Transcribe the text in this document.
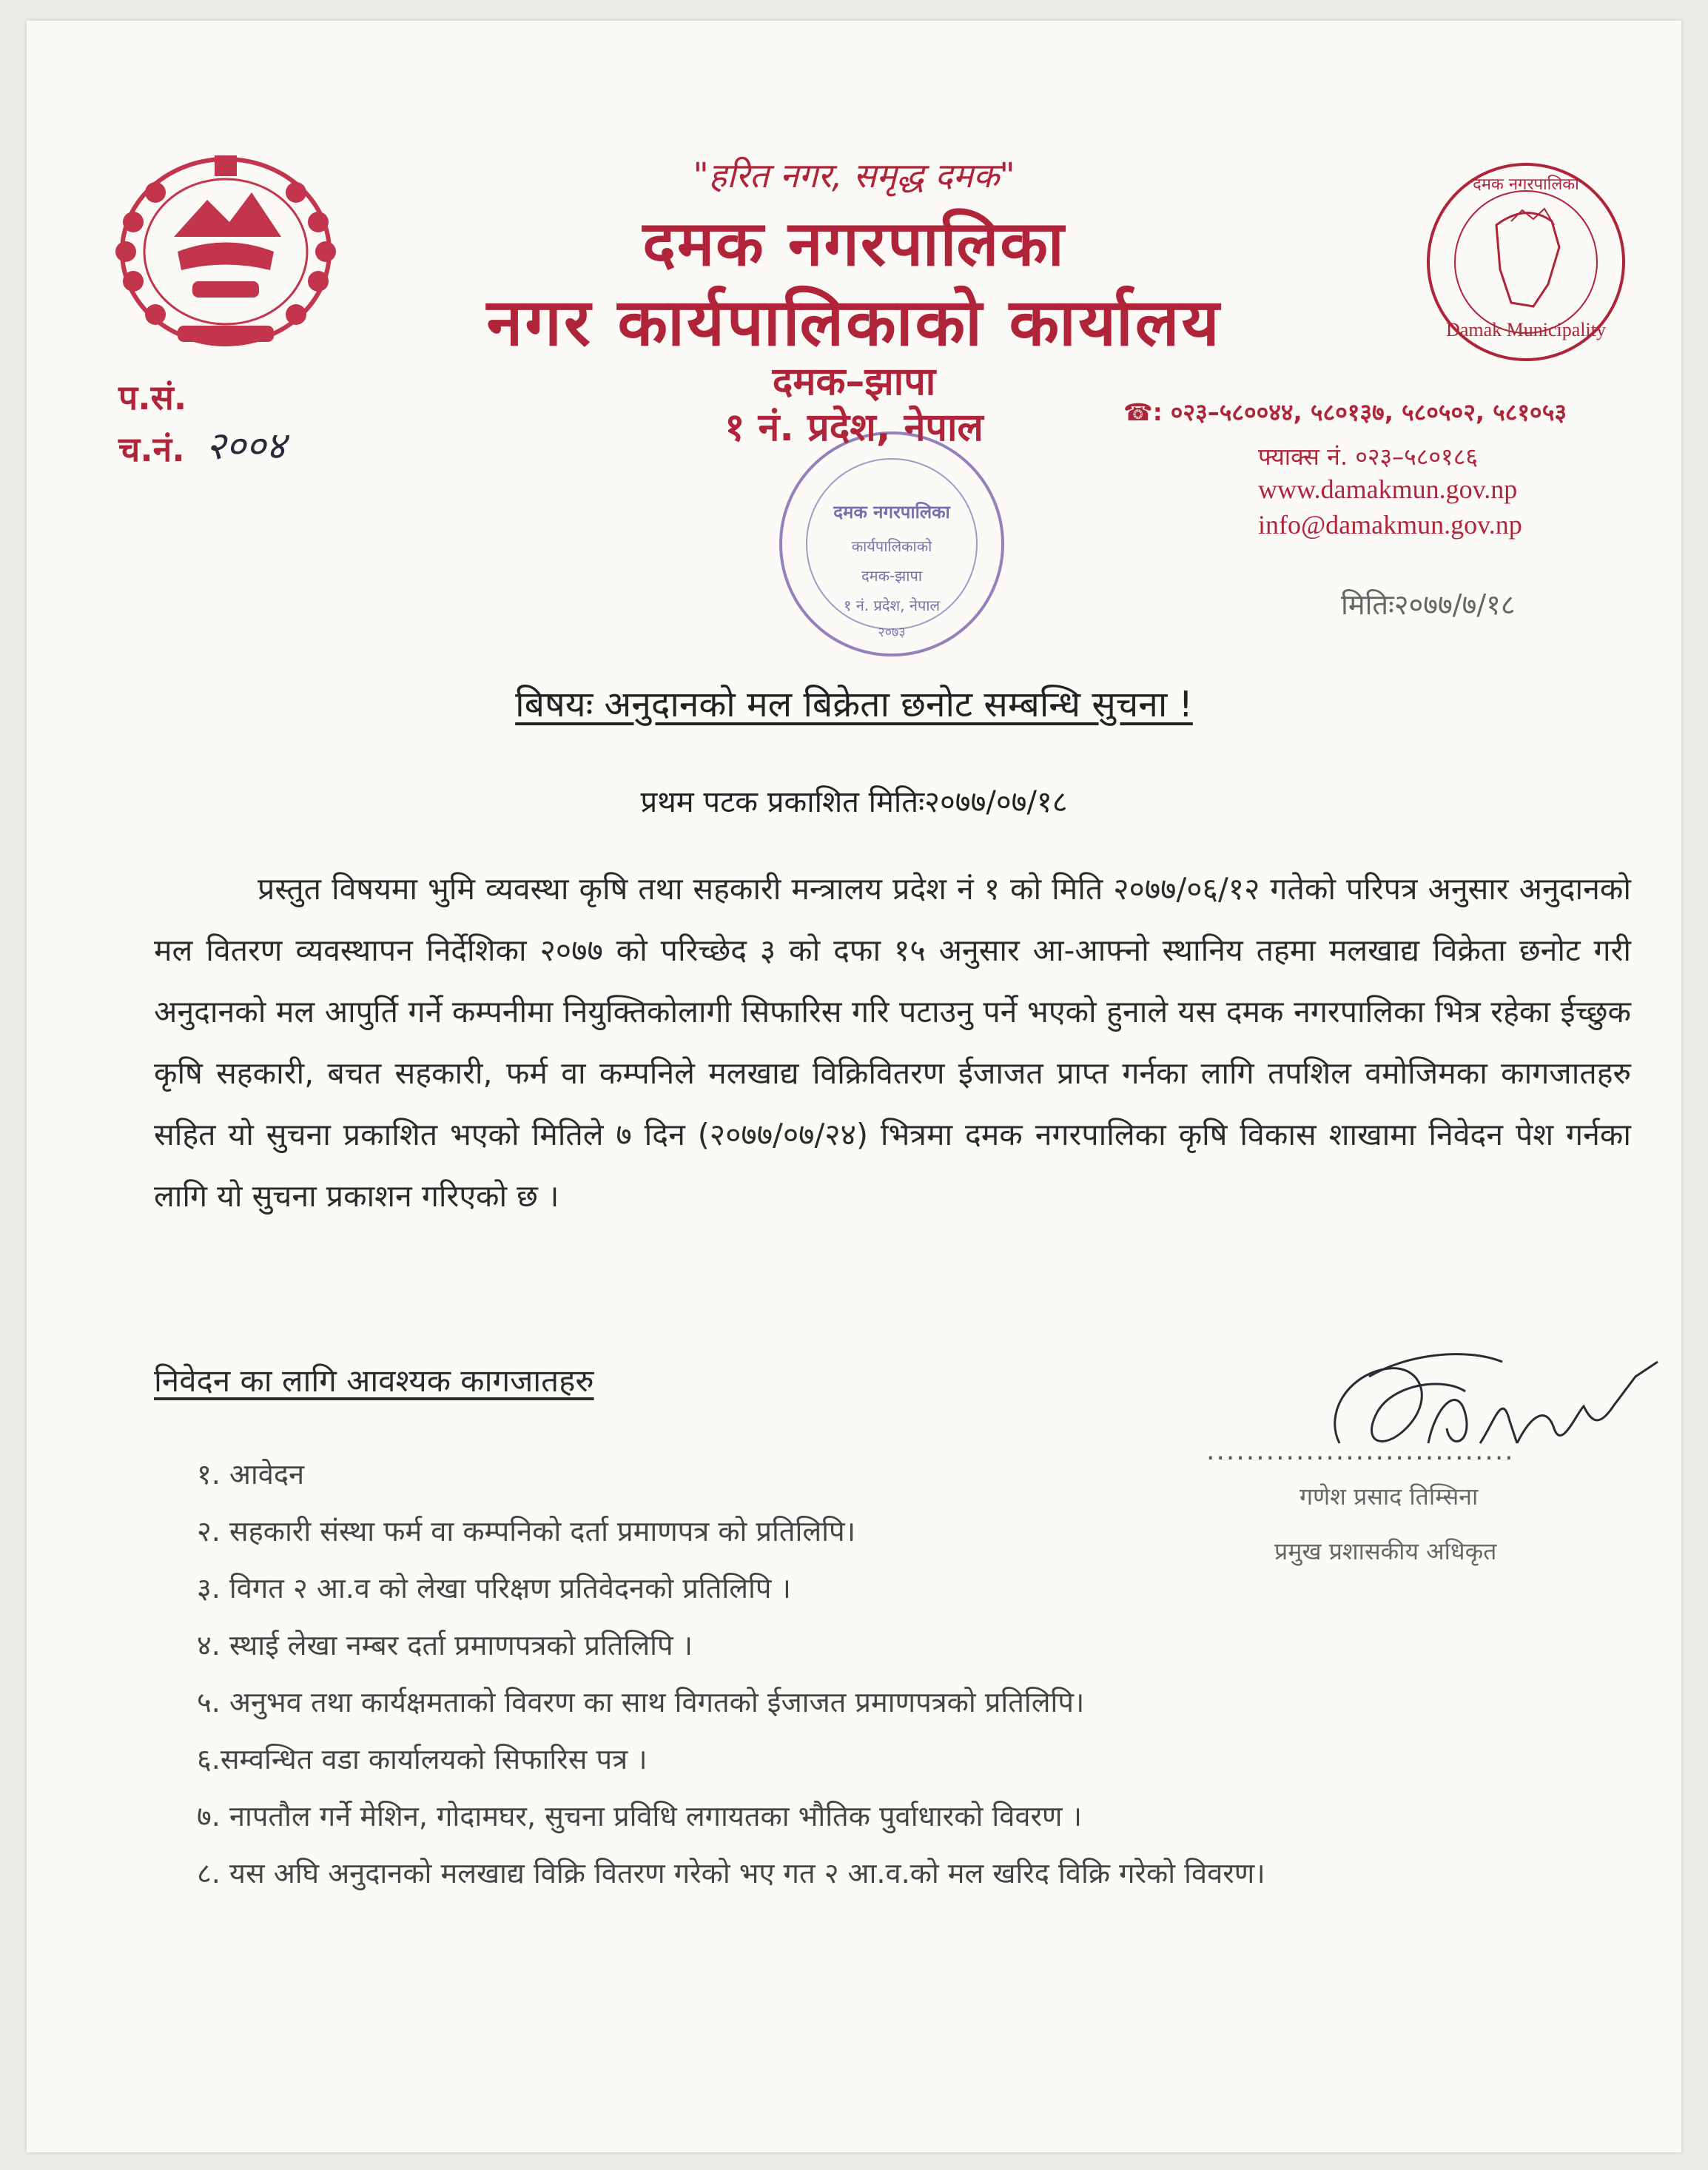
Damak Municipality
दमक नगरपालिका
दमक नगरपालिका
कार्यपालिकाको
दमक-झापा
१ नं. प्रदेश, नेपाल
२०७३
"हरित नगर, समृद्ध दमक"
दमक नगरपालिका
नगर कार्यपालिकाको कार्यालय
दमक–झापा
१ नं. प्रदेश, नेपाल
प.सं.
च.नं. २००४
☎: ०२३–५८००४४, ५८०१३७, ५८०५०२, ५८१०५३
फ्याक्स नं. ०२३–५८०१८६
www.damakmun.gov.np
info@damakmun.gov.np
मितिः२०७७/७/१८
बिषयः अनुदानको मल बिक्रेता छनोट सम्बन्धि सुचना !
प्रथम पटक प्रकाशित मितिः२०७७/०७/१८
प्रस्तुत विषयमा भुमि व्यवस्था कृषि तथा सहकारी मन्त्रालय प्रदेश नं १ को मिति २०७७/०६/१२ गतेको परिपत्र अनुसार अनुदानको मल वितरण व्यवस्थापन निर्देशिका २०७७ को परिच्छेद ३ को दफा १५ अनुसार आ-आफ्नो स्थानिय तहमा मलखाद्य विक्रेता छनोट गरी अनुदानको मल आपुर्ति गर्ने कम्पनीमा नियुक्तिकोलागी सिफारिस गरि पटाउनु पर्ने भएको हुनाले यस दमक नगरपालिका भित्र रहेका ईच्छुक कृषि सहकारी, बचत सहकारी, फर्म वा कम्पनिले मलखाद्य विक्रिवितरण ईजाजत प्राप्त गर्नका लागि तपशिल वमोजिमका कागजातहरु सहित यो सुचना प्रकाशित भएको मितिले ७ दिन (२०७७/०७/२४) भित्रमा दमक नगरपालिका कृषि विकास शाखामा निवेदन पेश गर्नका लागि यो सुचना प्रकाशन गरिएको छ ।
निवेदन का लागि आवश्यक कागजातहरु
१. आवेदन
२. सहकारी संस्था फर्म वा कम्पनिको दर्ता प्रमाणपत्र को प्रतिलिपि।
३. विगत २ आ.व को लेखा परिक्षण प्रतिवेदनको प्रतिलिपि ।
४. स्थाई लेखा नम्बर दर्ता प्रमाणपत्रको प्रतिलिपि ।
५. अनुभव तथा कार्यक्षमताको विवरण का साथ विगतको ईजाजत प्रमाणपत्रको प्रतिलिपि।
६.सम्वन्धित वडा कार्यालयको सिफारिस पत्र ।
७. नापतौल गर्ने मेशिन, गोदामघर, सुचना प्रविधि लगायतका भौतिक पुर्वाधारको विवरण ।
८. यस अघि अनुदानको मलखाद्य विक्रि वितरण गरेको भए गत २ आ.व.को मल खरिद विक्रि गरेको विवरण।
...............................
गणेश प्रसाद तिम्सिना
प्रमुख प्रशासकीय अधिकृत
